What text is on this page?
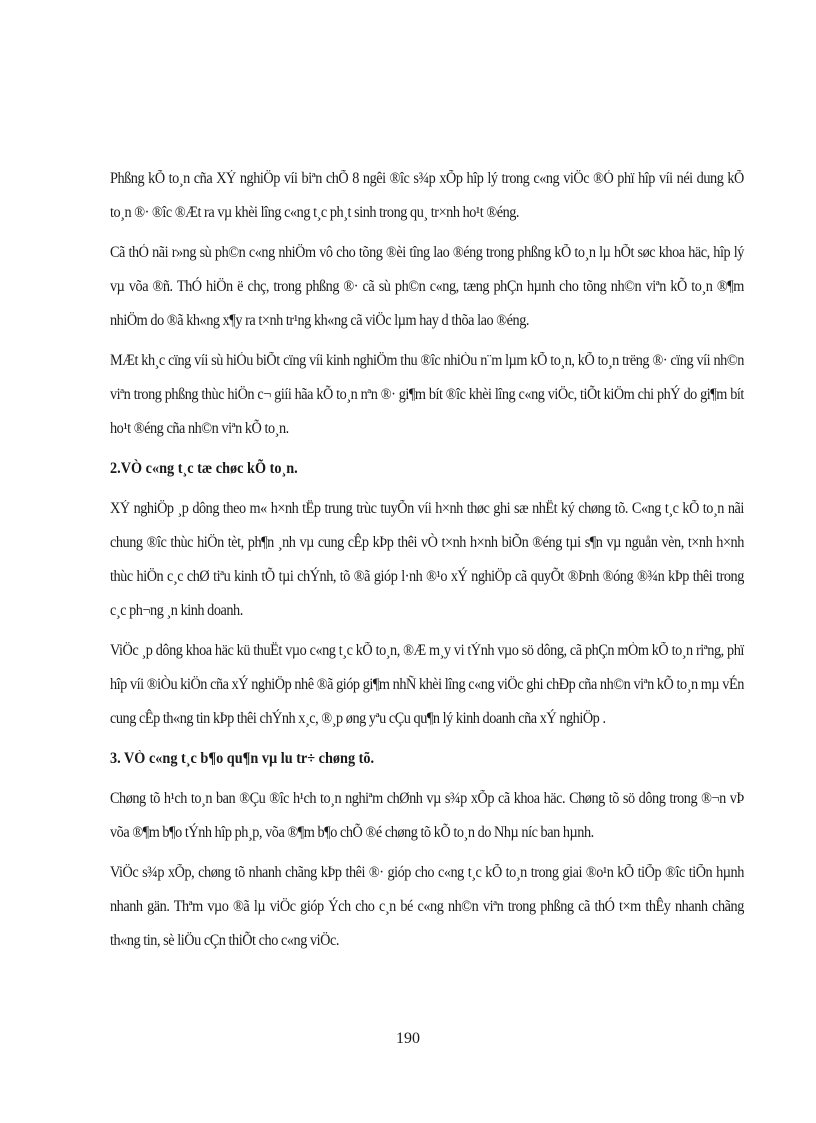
Phßng kÕ to¸n cña XÝ nghiÖp víi biªn chÕ 8 ngêi ®îc s¾p xÕp hîp lý trong c«ng viÖc ®Ó phï hîp víi néi dung kÕ to¸n ®· ®îc ®Æt ra vµ khèi lîng c«ng t¸c ph¸t sinh trong qu¸ tr×nh ho¹t ®éng.

Cã thÓ nãi r»ng sù ph©n c«ng nhiÖm vô cho tõng ®èi tîng lao ®éng trong phßng kÕ to¸n lµ hÕt søc khoa häc, hîp lý vµ võa ®ñ. ThÓ hiÖn ë chç, trong phßng ®· cã sù ph©n c«ng, tæng phÇn hµnh cho tõng nh©n viªn kÕ to¸n ®¶m nhiÖm do ®ã kh«ng x¶y ra t×nh tr¹ng kh«ng cã viÖc lµm hay d thõa lao ®éng.

MÆt kh¸c cïng víi sù hiÓu biÕt cïng víi kinh nghiÖm thu ®îc nhiÒu n¨m lµm kÕ to¸n, kÕ to¸n trëng ®· cïng víi nh©n viªn trong phßng thùc hiÖn c¬ giíi hãa kÕ to¸n nªn ®· gi¶m bít ®îc khèi lîng c«ng viÖc, tiÕt kiÖm chi phÝ do gi¶m bít ho¹t ®éng cña nh©n viªn kÕ to¸n.

2.VÒ c«ng t¸c tæ chøc kÕ to¸n.

XÝ nghiÖp ¸p dông theo m« h×nh tËp trung trùc tuyÕn víi h×nh thøc ghi sæ nhËt ký chøng tõ. C«ng t¸c kÕ to¸n nãi chung ®îc thùc hiÖn tèt, ph¶n ¸nh vµ cung cÊp kÞp thêi vÒ t×nh h×nh biÕn ®éng tµi s¶n vµ nguån vèn, t×nh h×nh thùc hiÖn c¸c chØ tiªu kinh tÕ tµi chÝnh, tõ ®ã gióp l·nh ®¹o xÝ nghiÖp cã quyÕt ®Þnh ®óng ®¾n kÞp thêi trong c¸c ph¬ng ¸n kinh doanh.

ViÖc ¸p dông khoa häc kü thuËt vµo c«ng t¸c kÕ to¸n, ®Æ m¸y vi tÝnh vµo sö dông, cã phÇn mÒm kÕ to¸n riªng, phï hîp víi ®iÒu kiÖn cña xÝ nghiÖp nhê ®ã gióp gi¶m nhÑ khèi lîng c«ng viÖc ghi chÐp cña nh©n viªn kÕ to¸n mµ vÉn cung cÊp th«ng tin kÞp thêi chÝnh x¸c, ®¸p øng yªu cÇu qu¶n lý kinh doanh cña xÝ nghiÖp .

3. VÒ c«ng t¸c b¶o qu¶n vµ lu tr÷ chøng tõ.

Chøng tõ h¹ch to¸n ban ®Çu ®îc h¹ch to¸n nghiªm chØnh vµ s¾p xÕp cã khoa häc. Chøng tõ sö dông trong ®¬n vÞ võa ®¶m b¶o tÝnh hîp ph¸p, võa ®¶m b¶o chÕ ®é chøng tõ kÕ to¸n do Nhµ níc ban hµnh.

ViÖc s¾p xÕp, chøng tõ nhanh chãng kÞp thêi ®· gióp cho c«ng t¸c kÕ to¸n trong giai ®o¹n kÕ tiÕp ®îc tiÕn hµnh nhanh gän. Thªm vµo ®ã lµ viÖc gióp Ých cho c¸n bé c«ng nh©n viªn trong phßng cã thÓ t×m thÊy nhanh chãng th«ng tin, sè liÖu cÇn thiÕt cho c«ng viÖc.

190
